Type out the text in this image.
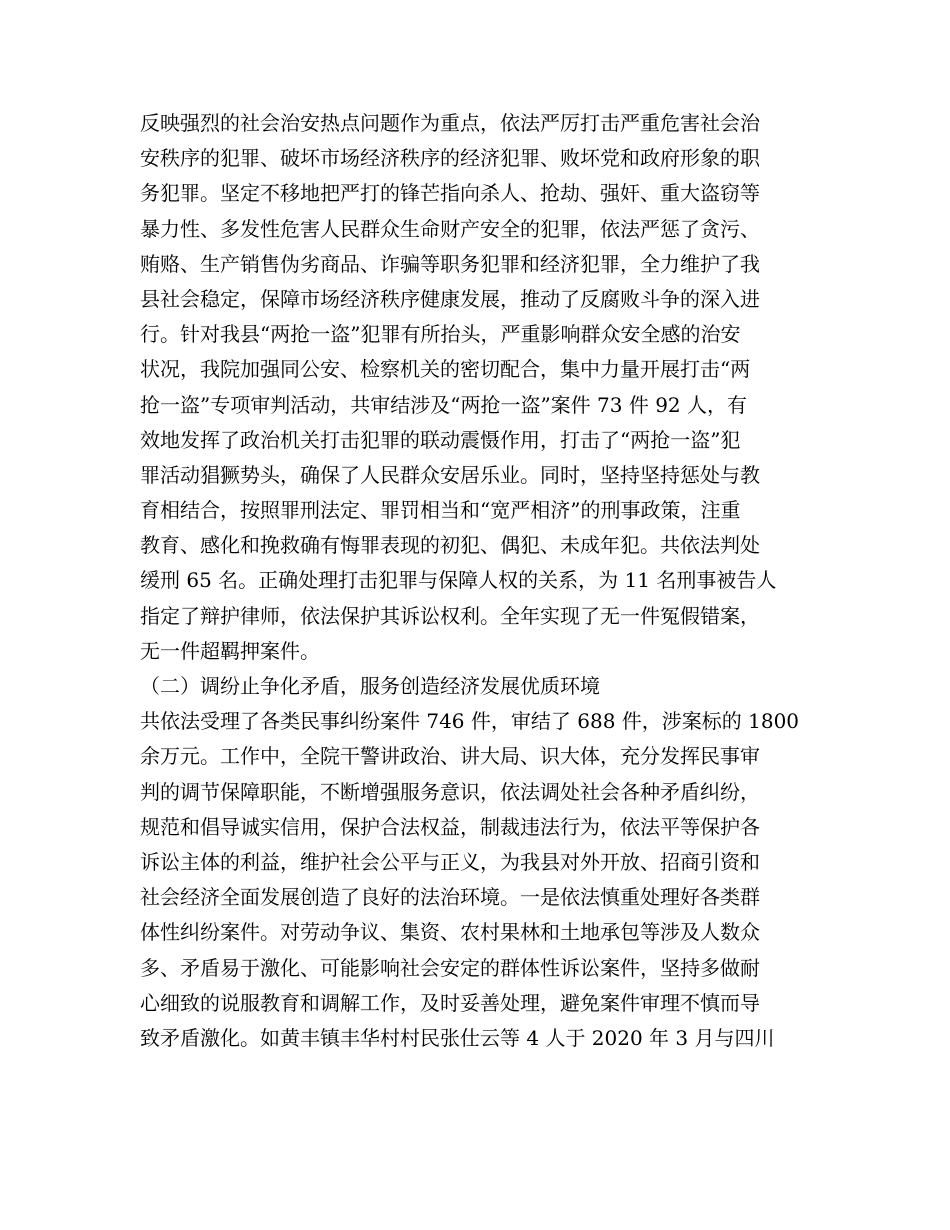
反映强烈的社会治安热点问题作为重点，依法严厉打击严重危害社会治
安秩序的犯罪、破坏市场经济秩序的经济犯罪、败坏党和政府形象的职
务犯罪。坚定不移地把严打的锋芒指向杀人、抢劫、强奸、重大盗窃等
暴力性、多发性危害人民群众生命财产安全的犯罪，依法严惩了贪污、
贿赂、生产销售伪劣商品、诈骗等职务犯罪和经济犯罪，全力维护了我
县社会稳定，保障市场经济秩序健康发展，推动了反腐败斗争的深入进
行。针对我县“两抢一盗”犯罪有所抬头，严重影响群众安全感的治安
状况，我院加强同公安、检察机关的密切配合，集中力量开展打击“两
抢一盗”专项审判活动，共审结涉及“两抢一盗”案件 73 件 92 人，有
效地发挥了政治机关打击犯罪的联动震慑作用，打击了“两抢一盗”犯
罪活动猖獗势头，确保了人民群众安居乐业。同时，坚持坚持惩处与教
育相结合，按照罪刑法定、罪罚相当和“宽严相济”的刑事政策，注重
教育、感化和挽救确有悔罪表现的初犯、偶犯、未成年犯。共依法判处
缓刑 65 名。正确处理打击犯罪与保障人权的关系，为 11 名刑事被告人
指定了辩护律师，依法保护其诉讼权利。全年实现了无一件冤假错案，
无一件超羁押案件。
（二）调纷止争化矛盾，服务创造经济发展优质环境
共依法受理了各类民事纠纷案件 746 件，审结了 688 件，涉案标的 1800
余万元。工作中，全院干警讲政治、讲大局、识大体，充分发挥民事审
判的调节保障职能，不断增强服务意识，依法调处社会各种矛盾纠纷，
规范和倡导诚实信用，保护合法权益，制裁违法行为，依法平等保护各
诉讼主体的利益，维护社会公平与正义，为我县对外开放、招商引资和
社会经济全面发展创造了良好的法治环境。一是依法慎重处理好各类群
体性纠纷案件。对劳动争议、集资、农村果林和土地承包等涉及人数众
多、矛盾易于激化、可能影响社会安定的群体性诉讼案件，坚持多做耐
心细致的说服教育和调解工作，及时妥善处理，避免案件审理不慎而导
致矛盾激化。如黄丰镇丰华村村民张仕云等 4 人于 2020 年 3 月与四川
